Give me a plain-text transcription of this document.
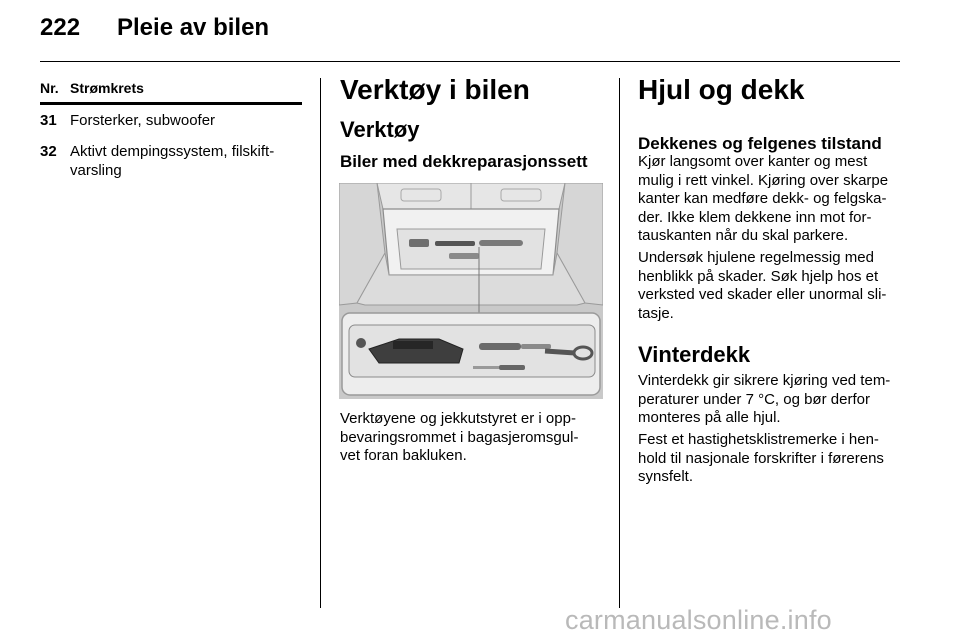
222 Pleie av bilen
Nr. Strømkrets
31 Forsterker, subwoofer
32 Aktivt dempingssystem, filskift-
varsling
Verktøy i bilen
Verktøy
Biler med dekkreparasjonssett
Verktøyene og jekkutstyret er i opp-
bevaringsrommet i bagasjeromsgul-
vet foran bakluken.
Hjul og dekk
Dekkenes og felgenes tilstand
Kjør langsomt over kanter og mest
mulig i rett vinkel. Kjøring over skarpe
kanter kan medføre dekk- og felgska-
der. Ikke klem dekkene inn mot for-
tauskanten når du skal parkere.
Undersøk hjulene regelmessig med
henblikk på skader. Søk hjelp hos et
verksted ved skader eller unormal sli-
tasje.
Vinterdekk
Vinterdekk gir sikrere kjøring ved tem-
peraturer under 7 °C, og bør derfor
monteres på alle hjul.
Fest et hastighetsklistremerke i hen-
hold til nasjonale forskrifter i førerens
synsfelt.
carmanualsonline.info
